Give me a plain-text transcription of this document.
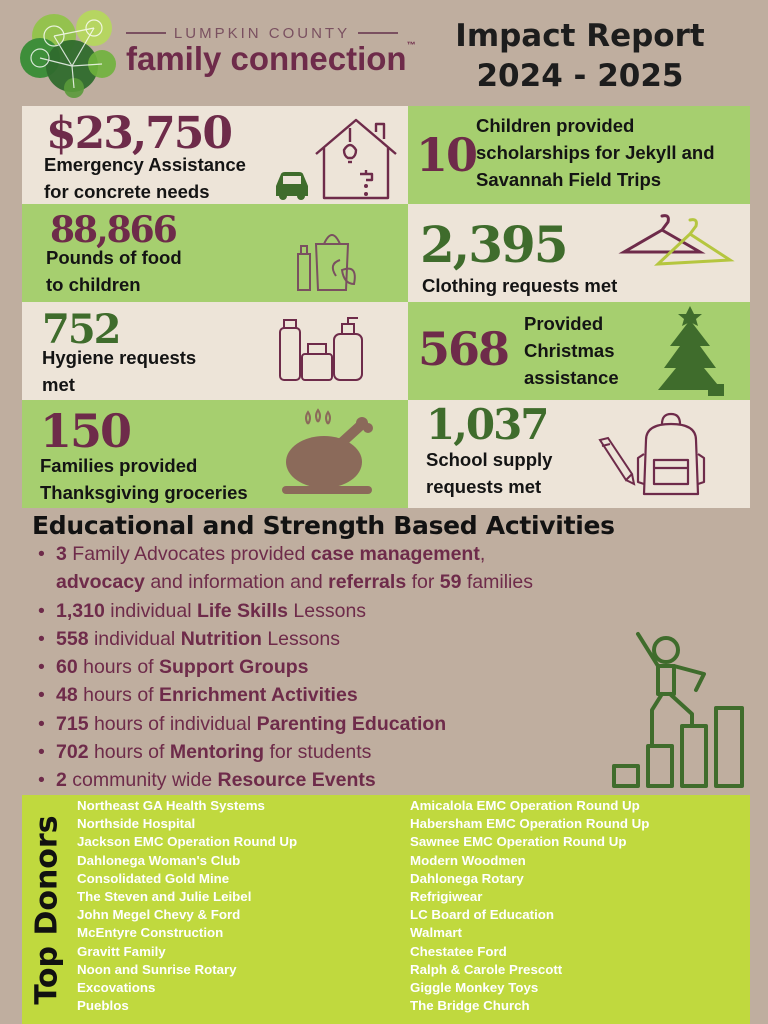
LUMPKIN COUNTY
family connection™	Impact Report
2024 - 2025
$23,750
Emergency Assistance
for concrete needs
10
Children provided
scholarships for Jekyll and
Savannah Field Trips
88,866
Pounds of food
to children
2,395
Clothing requests met
752
Hygiene requests
met
568 Provided
Christmas
assistance
150
Families provided
Thanksgiving groceries
1,037
School supply
requests met
Educational and Strength Based Activities
• 3 Family Advocates provided case management,
advocacy and information and referrals for 59 families
• 1,310 individual Life Skills Lessons
• 558 individual Nutrition Lessons
• 60 hours of Support Groups
• 48 hours of Enrichment Activities
• 715 hours of individual Parenting Education
• 702 hours of Mentoring for students
• 2 community wide Resource Events
Top Donors
Northeast GA Health Systems
Northside Hospital
Jackson EMC Operation Round Up
Dahlonega Woman's Club
Consolidated Gold Mine
The Steven and Julie Leibel
John Megel Chevy & Ford
McEntyre Construction
Gravitt Family
Noon and Sunrise Rotary
Excovations
Pueblos
Amicalola EMC Operation Round Up
Habersham EMC Operation Round Up
Sawnee EMC Operation Round Up
Modern Woodmen
Dahlonega Rotary
Refrigiwear
LC Board of Education
Walmart
Chestatee Ford
Ralph & Carole Prescott
Giggle Monkey Toys
The Bridge Church
